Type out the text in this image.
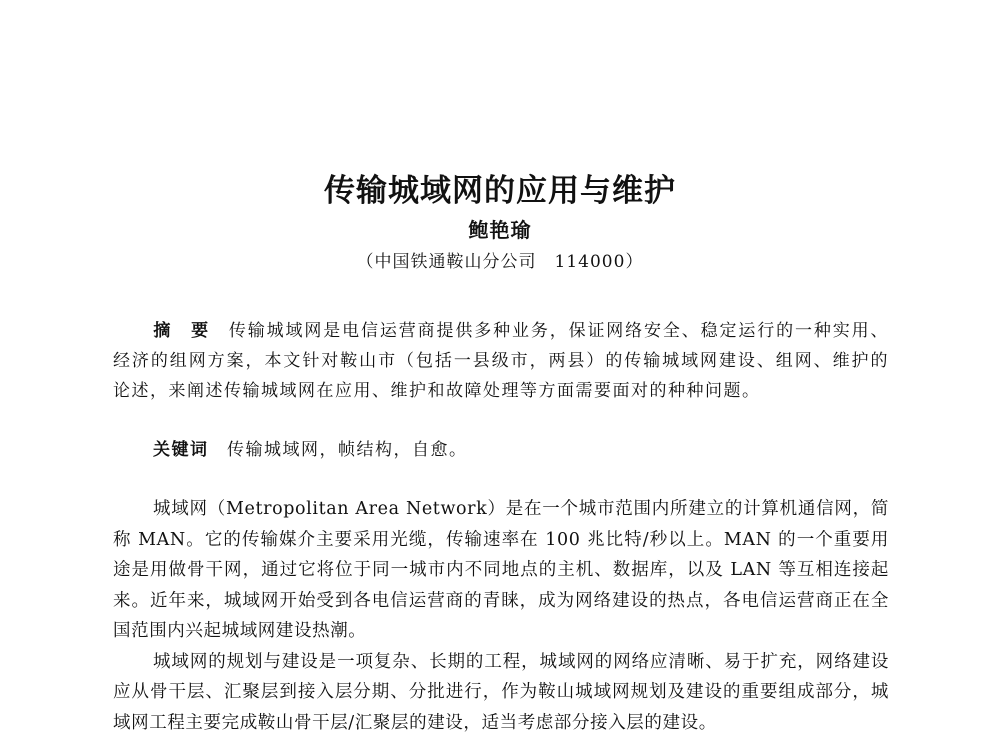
传输城域网的应用与维护
鲍艳瑜
（中国铁通鞍山分公司　114000）
摘　要　 传输城域网是电信运营商提供多种业务，保证网络安全、稳定运行的一种实用、经济的组网方案，本文针对鞍山市（包括一县级市，两县）的传输城域网建设、组网、维护的论述，来阐述传输城域网在应用、维护和故障处理等方面需要面对的种种问题。
关键词　 传输城域网，帧结构，自愈。

城域网（Metropolitan Area Network）是在一个城市范围内所建立的计算机通信网，简称 MAN。它的传输媒介主要采用光缆，传输速率在 100 兆比特/秒以上。MAN 的一个重要用途是用做骨干网，通过它将位于同一城市内不同地点的主机、数据库，以及 LAN 等互相连接起来。近年来，城域网开始受到各电信运营商的青睐，成为网络建设的热点，各电信运营商正在全国范围内兴起城域网建设热潮。

城域网的规划与建设是一项复杂、长期的工程，城域网的网络应清晰、易于扩充，网络建设应从骨干层、汇聚层到接入层分期、分批进行，作为鞍山城域网规划及建设的重要组成部分，城域网工程主要完成鞍山骨干层/汇聚层的建设，适当考虑部分接入层的建设。
